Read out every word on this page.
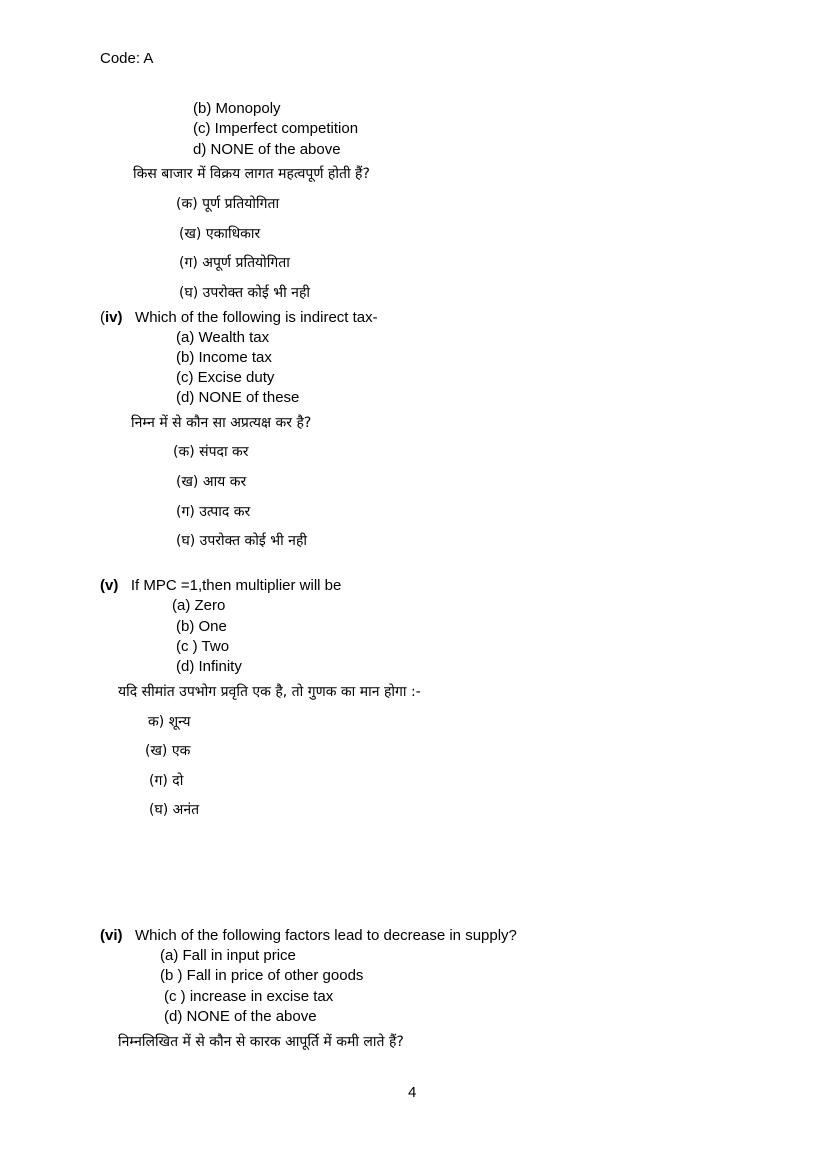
Code: A
(b) Monopoly
(c) Imperfect competition
d) NONE of the above
किस बाजार में विक्रय लागत महत्वपूर्ण होती हैं?
(क) पूर्ण प्रतियोगिता
(ख) एकाधिकार
(ग) अपूर्ण प्रतियोगिता
(घ) उपरोक्त कोई भी नही
(iv) Which of the following is indirect tax-
(a) Wealth tax
(b) Income tax
(c) Excise duty
(d) NONE of these
निम्न में से कौन सा अप्रत्यक्ष कर है?
(क) संपदा कर
(ख) आय कर
(ग) उत्पाद कर
(घ) उपरोक्त कोई भी नही
(v) If MPC =1,then multiplier will be
(a) Zero
(b) One
(c ) Two
(d) Infinity
यदि सीमांत उपभोग प्रवृति एक है, तो गुणक का मान होगा :-
क) शून्य
(ख) एक
(ग) दो
(घ) अनंत
(vi) Which of the following factors lead to decrease in supply?
(a) Fall in input price
(b ) Fall in price of other goods
(c ) increase in excise tax
(d) NONE of the above
निम्नलिखित में से कौन से कारक आपूर्ति में कमी लाते हैं?
4
